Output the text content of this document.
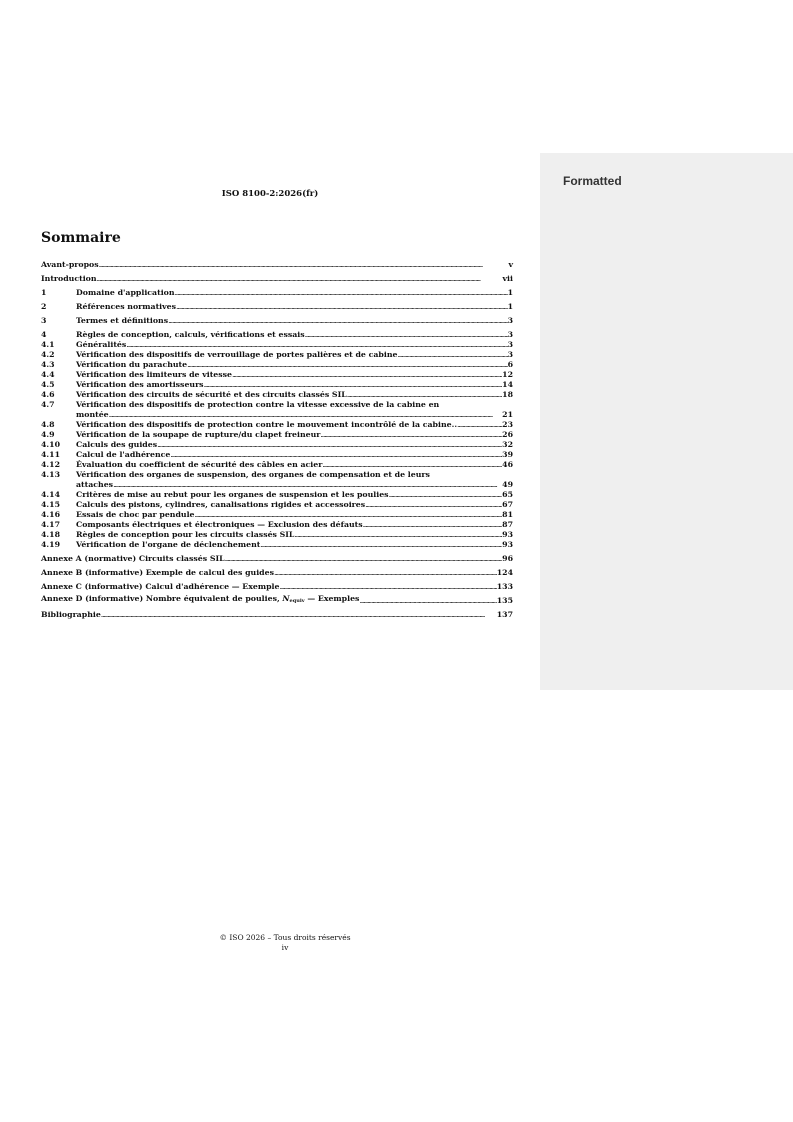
ISO 8100-2:2026(fr)
Sommaire
Avant-propos .....	v
Introduction .....	vii
1	Domaine d'application .....	1
2	Références normatives .....	1
3	Termes et définitions .....	3
4	Règles de conception, calculs, vérifications et essais .....	3
4.1	Généralités .....	3
4.2	Vérification des dispositifs de verrouillage de portes palières et de cabine .....	3
4.3	Vérification du parachute .....	6
4.4	Vérification des limiteurs de vitesse .....	12
4.5	Vérification des amortisseurs .....	14
4.6	Vérification des circuits de sécurité et des circuits classés SIL .....	18
4.7	Vérification des dispositifs de protection contre la vitesse excessive de la cabine en
montée .....	21
4.8	Vérification des dispositifs de protection contre le mouvement incontrôlé de la cabine.. .....	23
4.9	Vérification de la soupape de rupture/du clapet freineur .....	26
4.10	Calculs des guides .....	32
4.11	Calcul de l'adhérence .....	39
4.12	Évaluation du coefficient de sécurité des câbles en acier .....	46
4.13	Vérification des organes de suspension, des organes de compensation et de leurs
attaches .....	49
4.14	Critères de mise au rebut pour les organes de suspension et les poulies .....	65
4.15	Calculs des pistons, cylindres, canalisations rigides et accessoires .....	67
4.16	Essais de choc par pendule .....	81
4.17	Composants électriques et électroniques — Exclusion des défauts .....	87
4.18	Règles de conception pour les circuits classés SIL .....	93
4.19	Vérification de l'organe de déclenchement .....	93
Annexe A (normative) Circuits classés SIL .....	96
Annexe B (informative) Exemple de calcul des guides .....	124
Annexe C (informative) Calcul d'adhérence — Exemple .....	133
Annexe D (informative) Nombre équivalent de poulies, $N_{equiv}$ — Exemples .....	135
Bibliographie .....	137
© ISO 2026 – Tous droits réservés
iv
Formatted
